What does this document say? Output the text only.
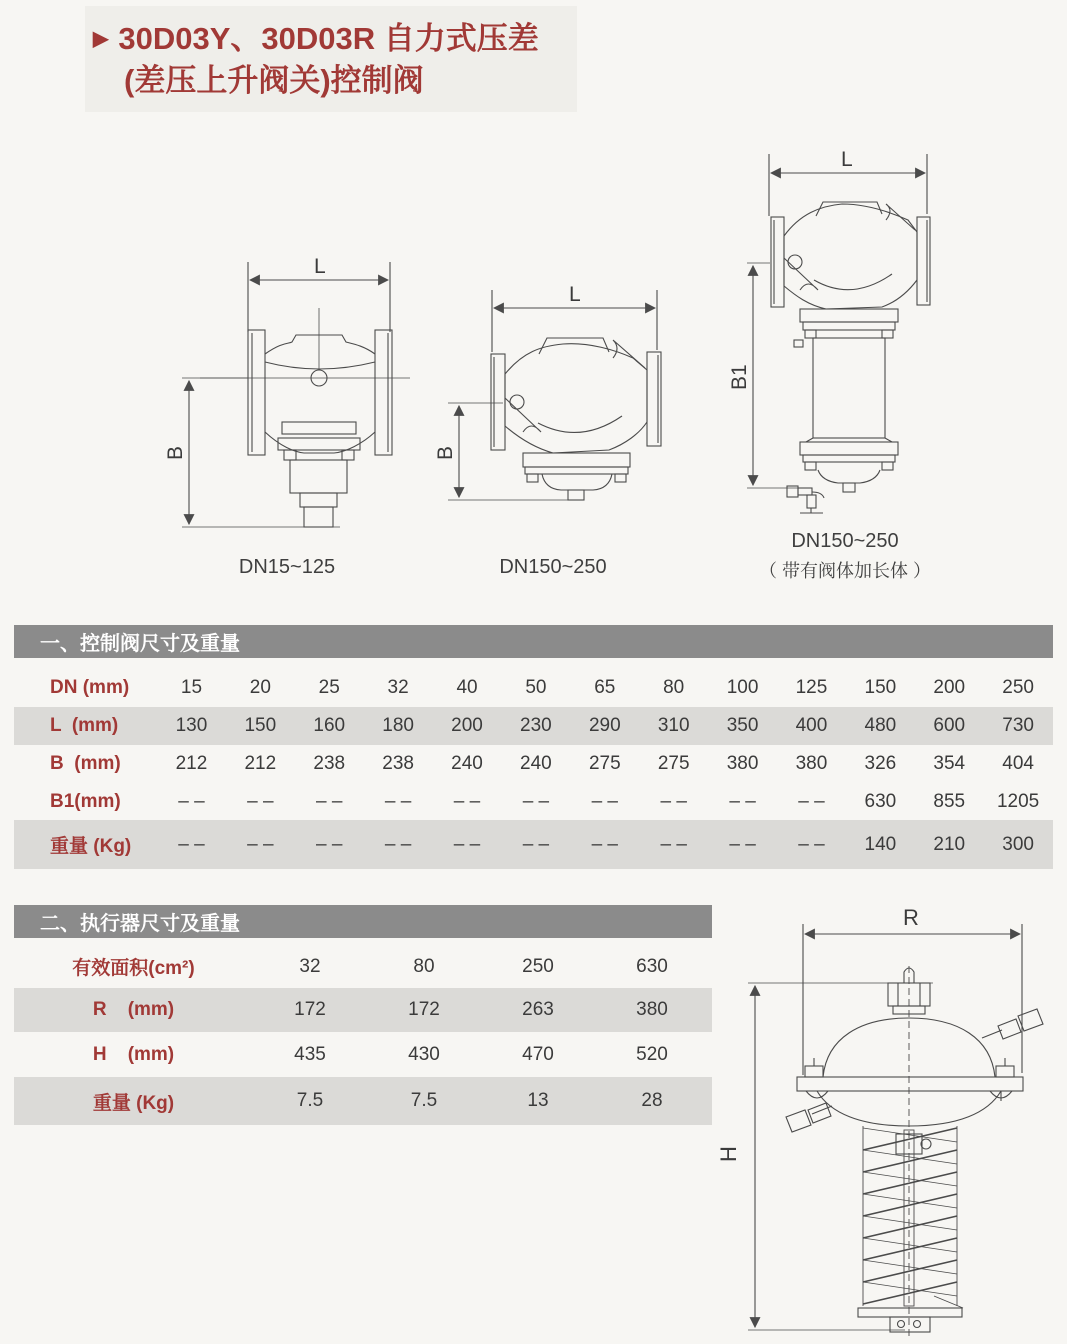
▶ 30D03Y、30D03R 自力式压差
(差压上升阀关)控制阀
L
B
DN15~125
L
B
DN150~250
L
B1
DN150~250
（ 带有阀体加长体 ）
一、控制阀尺寸及重量
DN (mm)	15	20	25	32	40	50	65	80	100	125	150	200	250
L  (mm)	130	150	160	180	200	230	290	310	350	400	480	600	730
B  (mm)	212	212	238	238	240	240	275	275	380	380	326	354	404
B1(mm)	– –	– –	– –	– –	– –	– –	– –	– –	– –	– –	630	855	1205
重量 (Kg)	– –	– –	– –	– –	– –	– –	– –	– –	– –	– –	140	210	300
二、执行器尺寸及重量
有效面积(cm²)	32	80	250	630
R    (mm)	172	172	263	380
H    (mm)	435	430	470	520
重量 (Kg)	7.5	7.5	13	28
R
H
